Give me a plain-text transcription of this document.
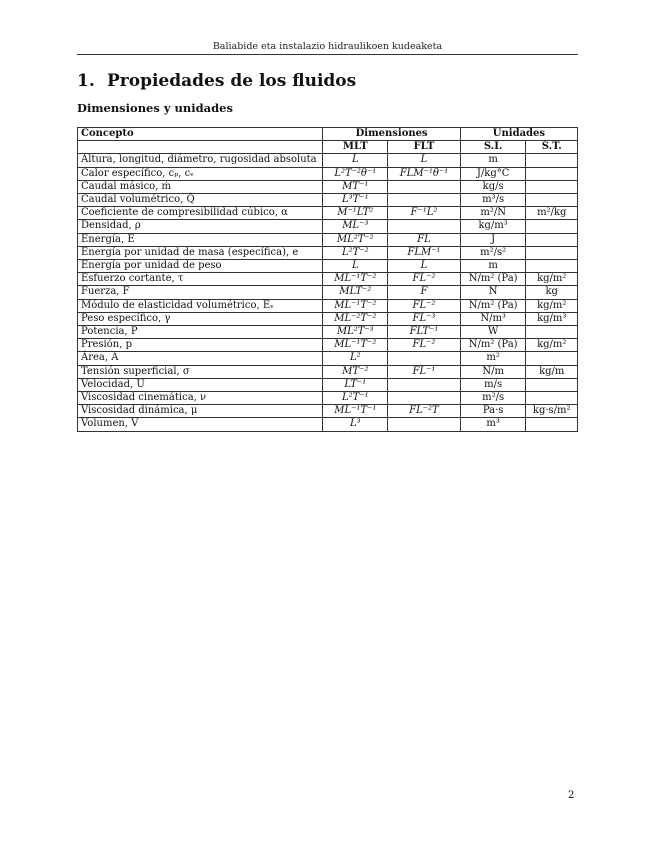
Baliabide eta instalazio hidraulikoen kudeaketa
1. Propiedades de los fluidos
Dimensiones y unidades
Concepto	Dimensiones		Unidades	
	MLT	FLT	S.I.	S.T.
Altura, longitud, diámetro, rugosidad absoluta	L	L	m	
Calor específico, cₚ, cᵥ	L²T⁻²θ⁻¹	FLM⁻¹θ⁻¹	J/kg°C	
Caudal másico, ṁ	MT⁻¹		kg/s	
Caudal volumétrico, Q̇	L³T⁻¹		m³/s	
Coeficiente de compresibilidad cúbico, α	M⁻¹LT²	F⁻¹L²	m²/N	m²/kg
Densidad, ρ	ML⁻³		kg/m³	
Energía, E	ML²T⁻²	FL	J	
Energía por unidad de masa (específica), e	L²T⁻²	FLM⁻¹	m²/s²	
Energía por unidad de peso	L	L	m	
Esfuerzo cortante, τ	ML⁻¹T⁻²	FL⁻²	N/m² (Pa)	kg/m²
Fuerza, F	MLT⁻²	F	N	kg
Módulo de elasticidad volumétrico, Eᵥ	ML⁻¹T⁻²	FL⁻²	N/m² (Pa)	kg/m²
Peso específico, γ	ML⁻²T⁻²	FL⁻³	N/m³	kg/m³
Potencia, P	ML²T⁻³	FLT⁻¹	W	
Presión, p	ML⁻¹T⁻²	FL⁻²	N/m² (Pa)	kg/m²
Área, A	L²		m²	
Tensión superficial, σ	MT⁻²	FL⁻¹	N/m	kg/m
Velocidad, U	LT⁻¹		m/s	
Viscosidad cinemática, ν	L²T⁻¹		m²/s	
Viscosidad dinámica, μ	ML⁻¹T⁻¹	FL⁻²T	Pa·s	kg·s/m²
Volumen, V	L³		m³	
2
